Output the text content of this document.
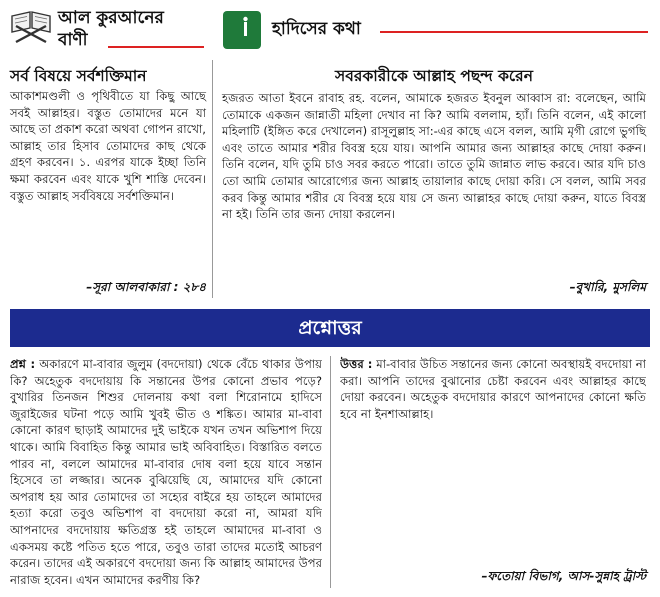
আল কুরআনের
বাণী
সর্ব বিষয়ে সর্বশক্তিমান
আকাশমণ্ডলী ও পৃথিবীতে যা কিছু আছে সবই আল্লাহর। বস্তুত তোমাদের মনে যা আছে তা প্রকাশ করো অথবা গোপন রাখো, আল্লাহ তার হিসাব তোমাদের কাছ থেকে গ্রহণ করবেন। ১. এরপর যাকে ইচ্ছা তিনি ক্ষমা করবেন এবং যাকে খুশি শাস্তি দেবেন। বস্তুত আল্লাহ সর্ববিষয়ে সর্বশক্তিমান।
–সূরা আলবাকারা : ২৮৪
হাদিসের কথা
সবরকারীকে আল্লাহ পছন্দ করেন
হজরত আতা ইবনে রাবাহ রহ. বলেন, আমাকে হজরত ইবনুল আব্বাস রা: বলেছেন, আমি তোমাকে একজন জান্নাতী মহিলা দেখাব না কি? আমি বললাম, হ্যাঁ। তিনি বলেন, এই কালো মহিলাটি (ইঙ্গিত করে দেখালেন) রাসূলুল্লাহ সা:-এর কাছে এসে বলল, আমি মৃগী রোগে ভুগছি এবং তাতে আমার শরীর বিবস্ত্র হয়ে যায়। আপনি আমার জন্য আল্লাহর কাছে দোয়া করুন। তিনি বলেন, যদি তুমি চাও সবর করতে পারো। তাতে তুমি জান্নাত লাভ করবে। আর যদি চাও তো আমি তোমার আরোগ্যের জন্য আল্লাহ তায়ালার কাছে দোয়া করি। সে বলল, আমি সবর করব কিন্তু আমার শরীর যে বিবস্ত্র হয়ে যায় সে জন্য আল্লাহর কাছে দোয়া করুন, যাতে বিবস্ত্র না হই। তিনি তার জন্য দোয়া করলেন।
–বুখারি, মুসলিম
প্রশ্নোত্তর
প্রশ্ন : অকারণে মা-বাবার জুলুম (বদদোয়া) থেকে বেঁচে থাকার উপায় কি? অহেতুক বদদোয়ায় কি সন্তানের উপর কোনো প্রভাব পড়ে? বুখারির তিনজন শিশুর দোলনায় কথা বলা শিরোনামে হাদিসে জুরাইজের ঘটনা পড়ে আমি খুবই ভীত ও শঙ্কিত। আমার মা-বাবা কোনো কারণ ছাড়াই আমাদের দুই ভাইকে যখন তখন অভিশাপ দিয়ে থাকে। আমি বিবাহিত কিন্তু আমার ভাই অবিবাহিত। বিস্তারিত বলতে পারব না, বললে আমাদের মা-বাবার দোষ বলা হয়ে যাবে সন্তান হিসেবে তা লজ্জার। অনেক বুঝিয়েছি যে, আমাদের যদি কোনো অপরাধ হয় আর তোমাদের তা সহ্যের বাইরে হয় তাহলে আমাদের হত্যা করো তবুও অভিশাপ বা বদদোয়া করো না, আমরা যদি আপনাদের বদদোয়ায় ক্ষতিগ্রস্ত হই তাহলে আমাদের মা-বাবা ও একসময় কষ্টে পতিত হতে পারে, তবুও তারা তাদের মতোই আচরণ করেন। তাদের এই অকারণে বদদোয়া জন্য কি আল্লাহ আমাদের উপর নারাজ হবেন। এখন আমাদের করণীয় কি?
উত্তর : মা-বাবার উচিত সন্তানের জন্য কোনো অবস্থায়ই বদদোয়া না করা। আপনি তাদের বুঝানোর চেষ্টা করবেন এবং আল্লাহর কাছে দোয়া করবেন। অহেতুক বদদোয়ার কারণে আপনাদের কোনো ক্ষতি হবে না ইনশাআল্লাহ।
–ফতোয়া বিভাগ, আস-সুন্নাহ ট্রাস্ট
